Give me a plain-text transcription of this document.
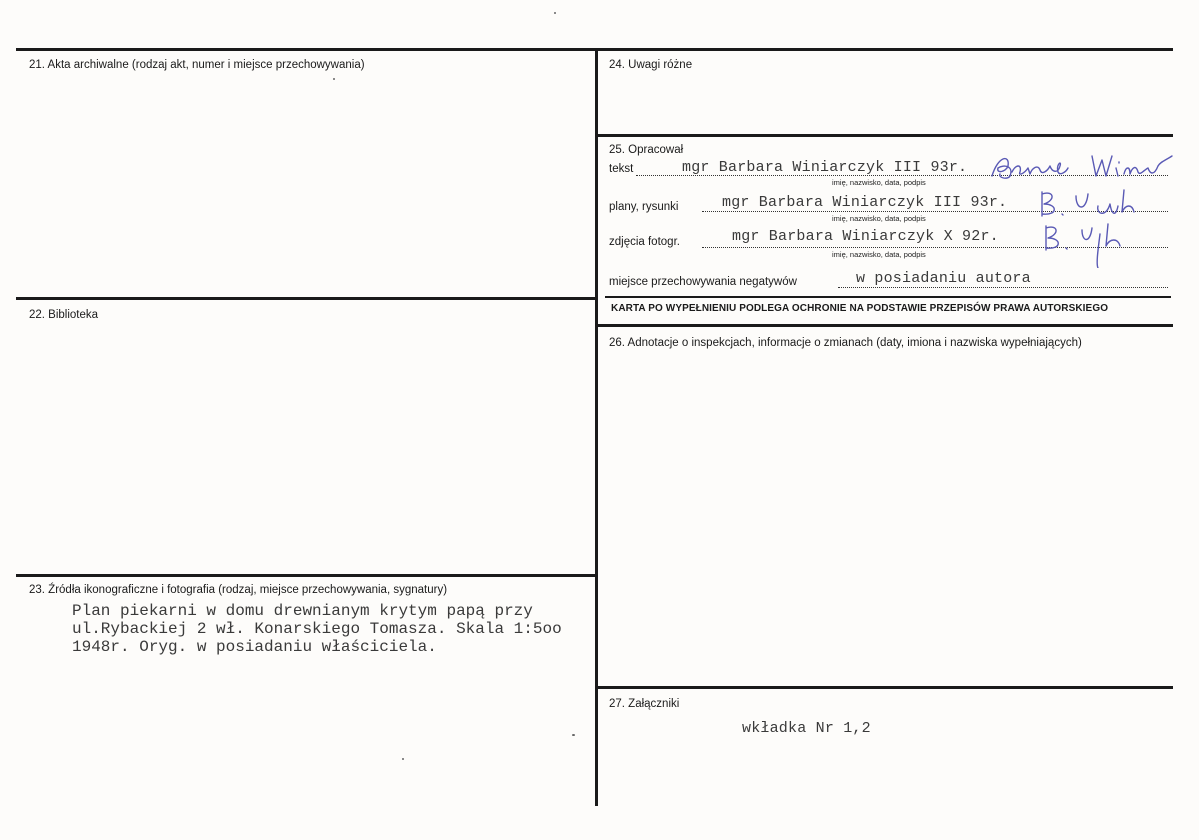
21. Akta archiwalne (rodzaj akt, numer i miejsce przechowywania)
22. Biblioteka
23. Źródła ikonograficzne i fotografia (rodzaj, miejsce przechowywania, sygnatury)
Plan piekarni w domu drewnianym krytym papą przy
ul.Rybackiej 2 wł. Konarskiego Tomasza. Skala 1:5oo
1948r. Oryg. w posiadaniu właściciela.
24. Uwagi różne
25. Opracował
tekst	mgr Barbara Winiarczyk III 93r.
imię, nazwisko, data, podpis
plany, rysunki	mgr Barbara Winiarczyk III 93r.
imię, nazwisko, data, podpis
zdjęcia fotogr.	mgr Barbara Winiarczyk X 92r.
imię, nazwisko, data, podpis
miejsce przechowywania negatywów	w posiadaniu autora
KARTA PO WYPEŁNIENIU PODLEGA OCHRONIE NA PODSTAWIE PRZEPISÓW PRAWA AUTORSKIEGO
26. Adnotacje o inspekcjach, informacje o zmianach (daty, imiona i nazwiska wypełniających)
27. Załączniki
wkładka Nr 1,2
